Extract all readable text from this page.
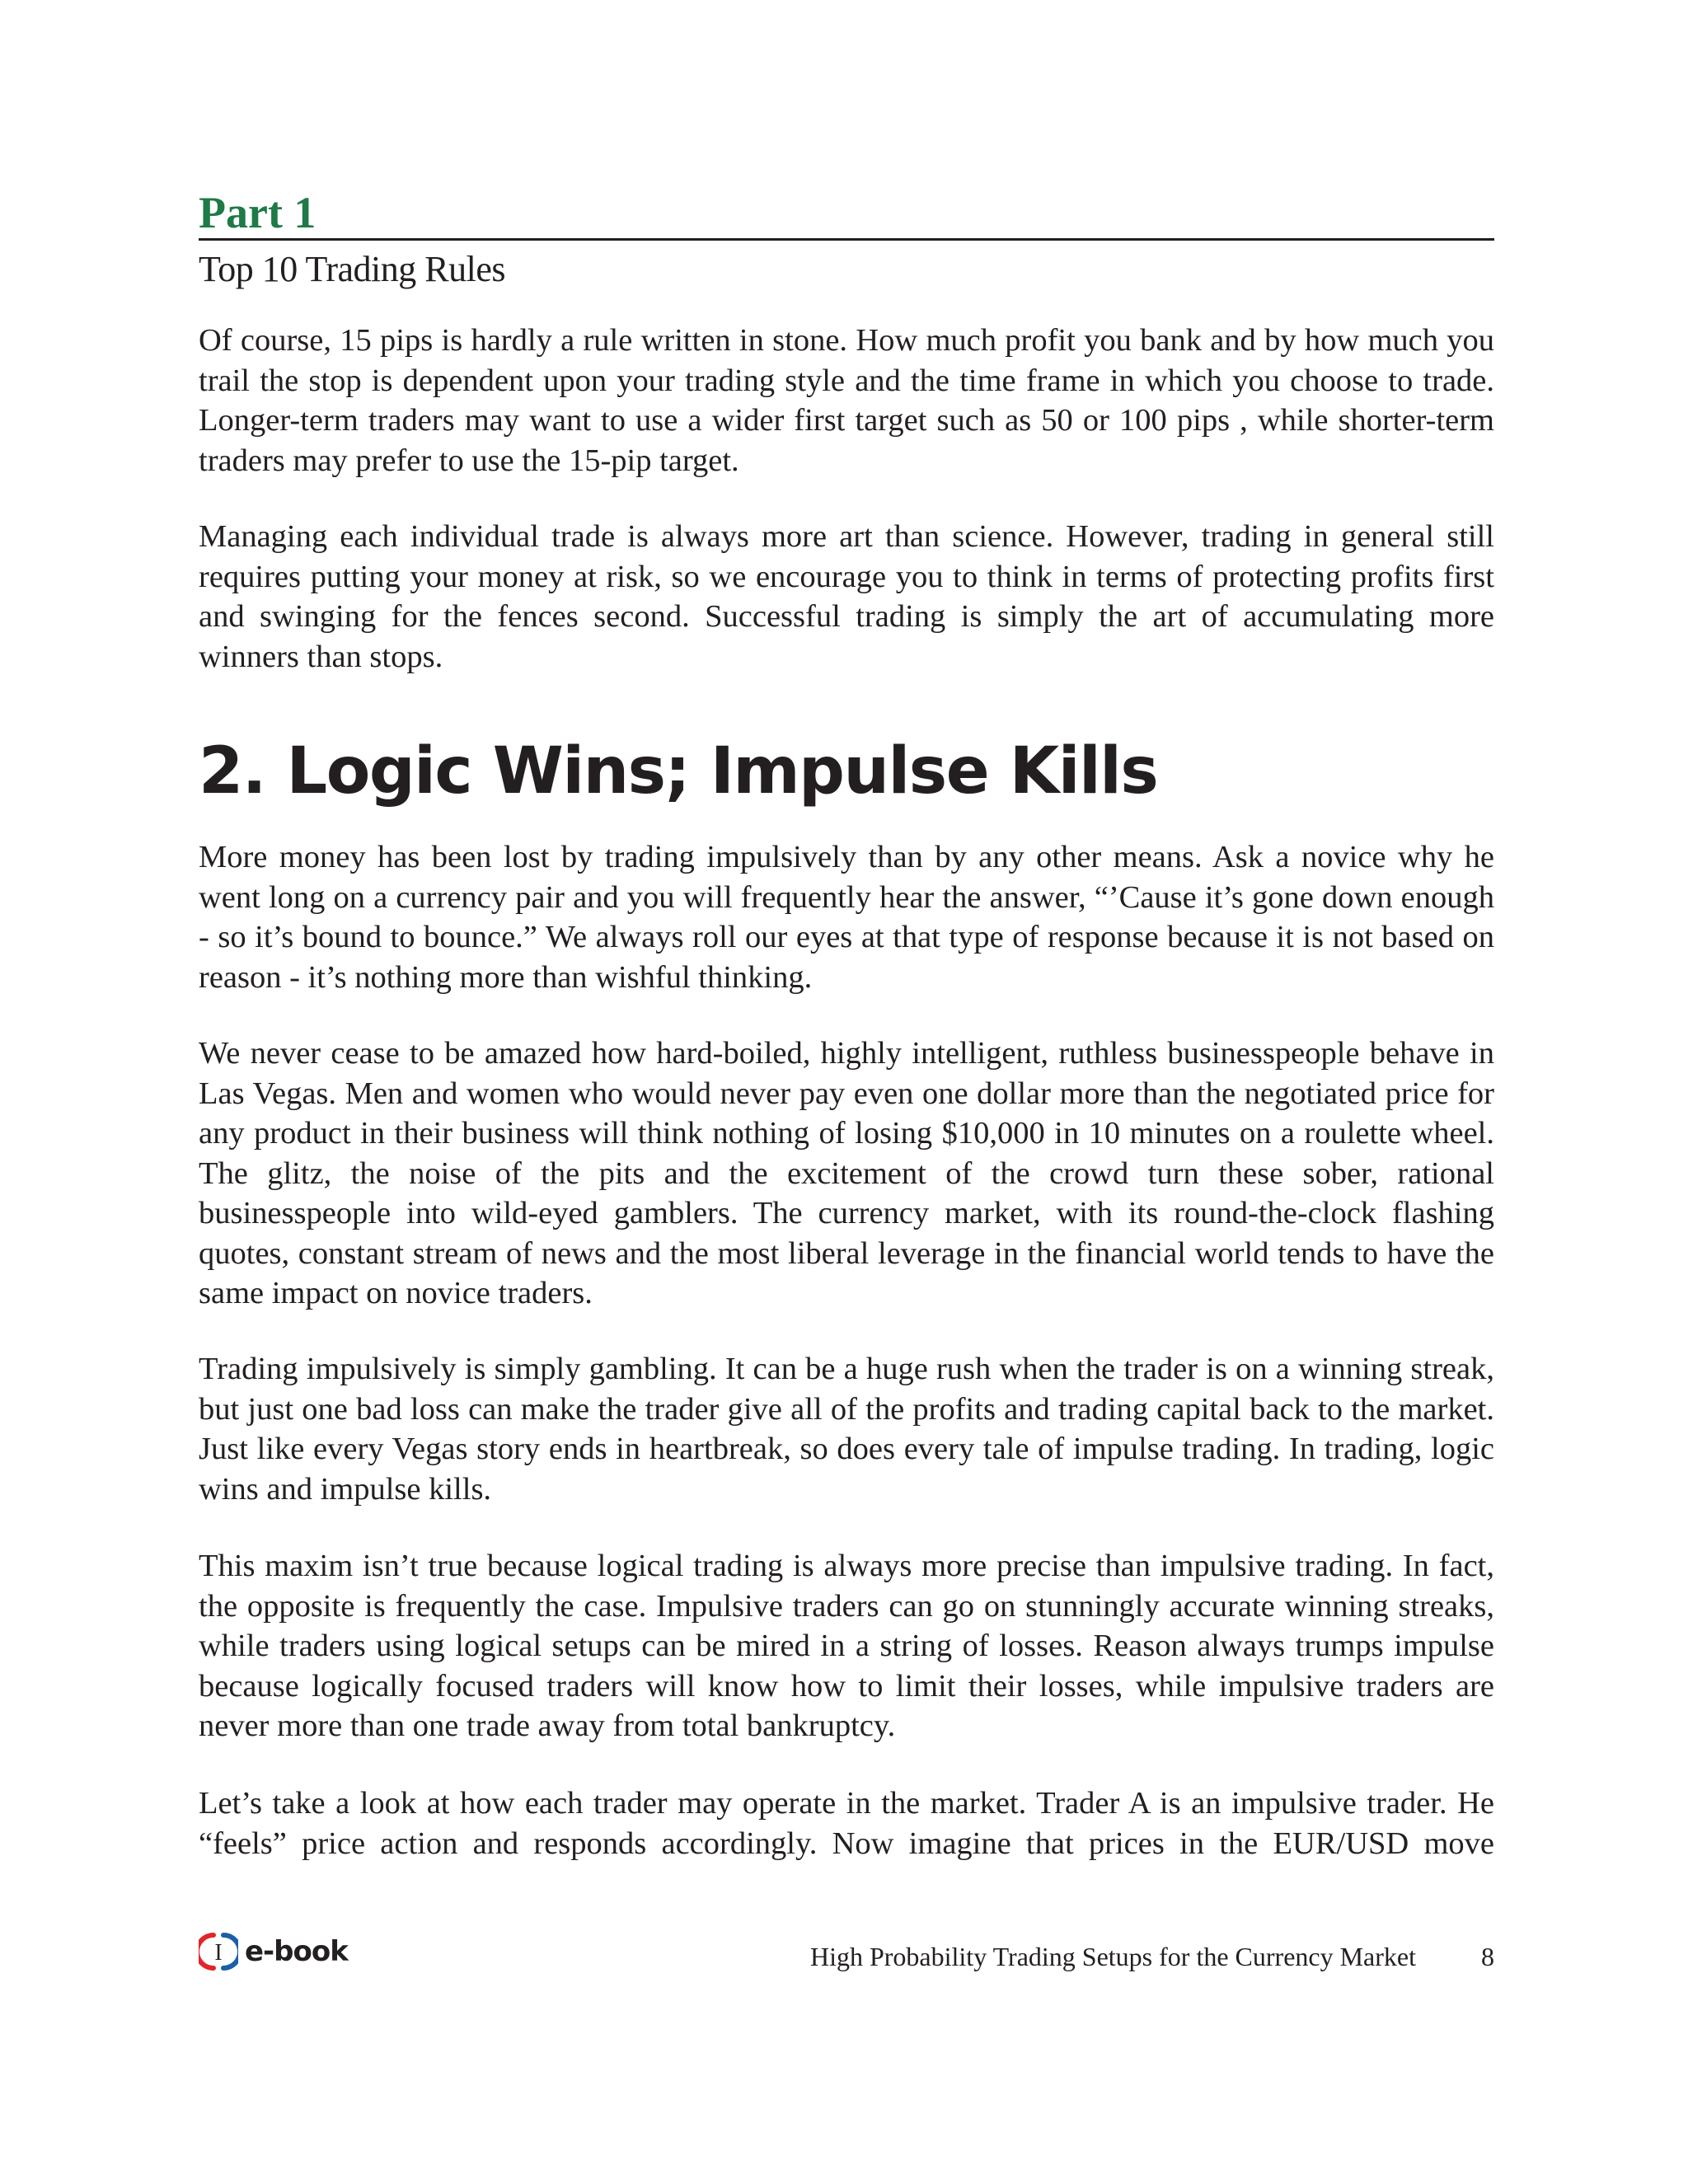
Part 1
Top 10 Trading Rules

Of course, 15 pips is hardly a rule written in stone. How much profit you bank and by how much you trail the stop is dependent upon your trading style and the time frame in which you choose to trade. Longer-term traders may want to use a wider first target such as 50 or 100 pips , while shorter-term traders may prefer to use the 15-pip target.

Managing each individual trade is always more art than science. However, trading in general still requires putting your money at risk, so we encourage you to think in terms of protecting profits first and swinging for the fences second. Successful trading is simply the art of accumulating more winners than stops.

2. Logic Wins; Impulse Kills

More money has been lost by trading impulsively than by any other means. Ask a novice why he went long on a currency pair and you will frequently hear the answer, “’Cause it’s gone down enough - so it’s bound to bounce.” We always roll our eyes at that type of response because it is not based on reason - it’s nothing more than wishful thinking.

We never cease to be amazed how hard-boiled, highly intelligent, ruthless businesspeople behave in Las Vegas. Men and women who would never pay even one dollar more than the negotiated price for any product in their business will think nothing of losing $10,000 in 10 minutes on a roulette wheel. The glitz, the noise of the pits and the excitement of the crowd turn these sober, rational businesspeople into wild-eyed gamblers. The currency market, with its round-the-clock flashing quotes, constant stream of news and the most liberal leverage in the financial world tends to have the same impact on novice traders.

Trading impulsively is simply gambling. It can be a huge rush when the trader is on a winning streak, but just one bad loss can make the trader give all of the profits and trading capital back to the market. Just like every Vegas story ends in heartbreak, so does every tale of impulse trading. In trading, logic wins and impulse kills.

This maxim isn’t true because logical trading is always more precise than impulsive trading. In fact, the opposite is frequently the case. Impulsive traders can go on stunningly accurate winning streaks, while traders using logical setups can be mired in a string of losses. Reason always trumps impulse because logically focused traders will know how to limit their losses, while impulsive traders are never more than one trade away from total bankruptcy.

Let’s take a look at how each trader may operate in the market. Trader A is an impulsive trader. He “feels” price action and responds accordingly. Now imagine that prices in the EUR/USD move

I e-book	High Probability Trading Setups for the Currency Market 8
